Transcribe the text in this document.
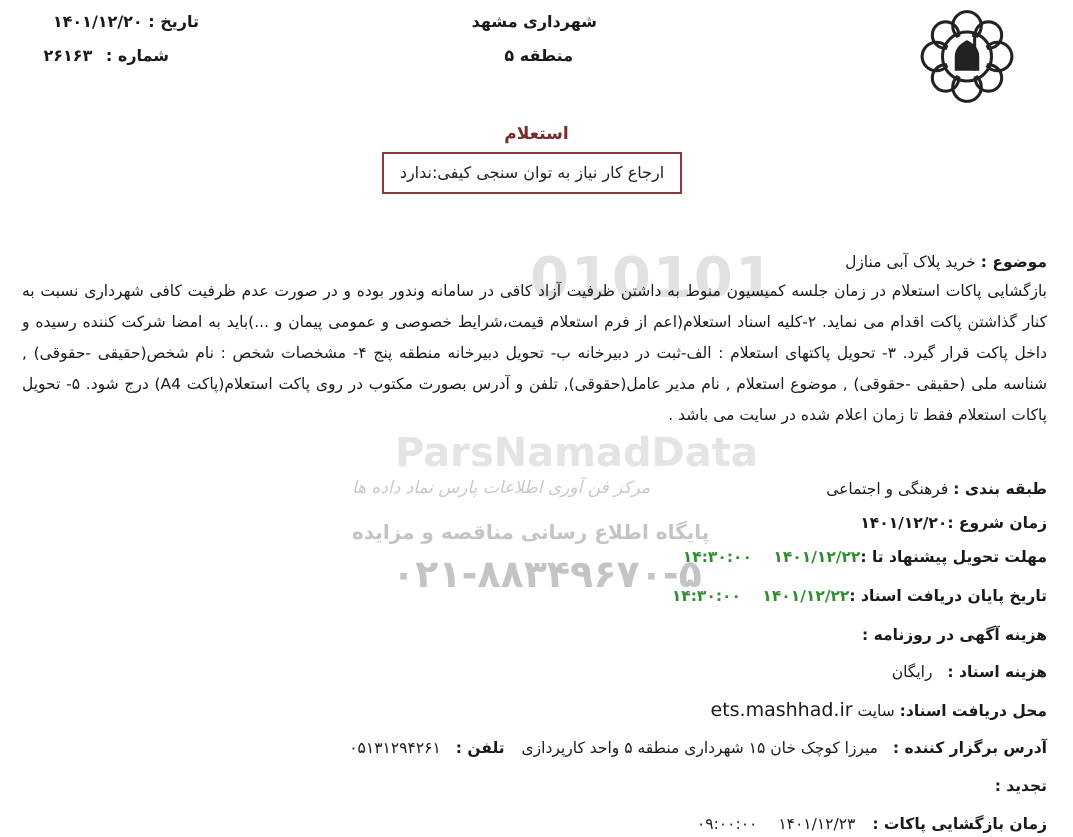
010101
ParsNamadData
مرکز فن آوری اطلاعات پارس نماد داده ها
پایگاه اطلاع رسانی مناقصه و مزایده
۰۲۱-۸۸۳۴۹۶۷۰-۵
شهرداری مشهد
منطقه ۵
تاریخ : ۱۴۰۱/۱۲/۲۰
شماره : ۲۶۱۶۳
استعلام
ارجاع کار نیاز به توان سنجی کیفی:ندارد
موضوع : خرید پلاک آبی منازل
بازگشایی پاکات استعلام در زمان جلسه کمیسیون منوط به داشتن ظرفیت آزاد کافی در سامانه وندور بوده و در صورت عدم ظرفیت کافی شهرداری نسبت به کنار گذاشتن پاکت اقدام می نماید. ۲-کلیه اسناد استعلام(اعم از فرم استعلام قیمت،شرایط خصوصی و عمومی پیمان و ...)باید به امضا شرکت کننده رسیده و داخل پاکت قرار گیرد. ۳- تحویل پاکتهای استعلام : الف-ثبت در دبیرخانه ب- تحویل دبیرخانه منطقه پنج ۴- مشخصات شخص : نام شخص(حقیقی -حقوقی) , شناسه ملی (حقیقی -حقوقی) , موضوع استعلام , نام مدیر عامل(حقوقی), تلفن و آدرس بصورت مکتوب در روی پاکت استعلام(پاکت A4) درج شود. ۵- تحویل پاکات استعلام فقط تا زمان اعلام شده در سایت می باشد .
طبقه بندی : فرهنگی و اجتماعی
زمان شروع :۱۴۰۱/۱۲/۲۰
مهلت تحویل پیشنهاد تا :۱۴۰۱/۱۲/۲۲ ۱۴:۳۰:۰۰
تاریخ پایان دریافت اسناد :۱۴۰۱/۱۲/۲۲ ۱۴:۳۰:۰۰
هزینه آگهی در روزنامه :
هزینه اسناد : رایگان
محل دریافت اسناد: سایت ets.mashhad.ir
آدرس برگزار کننده : میرزا کوچک خان ۱۵ شهرداری منطقه ۵ واحد کارپردازی تلفن : ۰۵۱۳۱۲۹۴۲۶۱
تجدید :
زمان بازگشایی پاکات : ۱۴۰۱/۱۲/۲۳ ۰۹:۰۰:۰۰
